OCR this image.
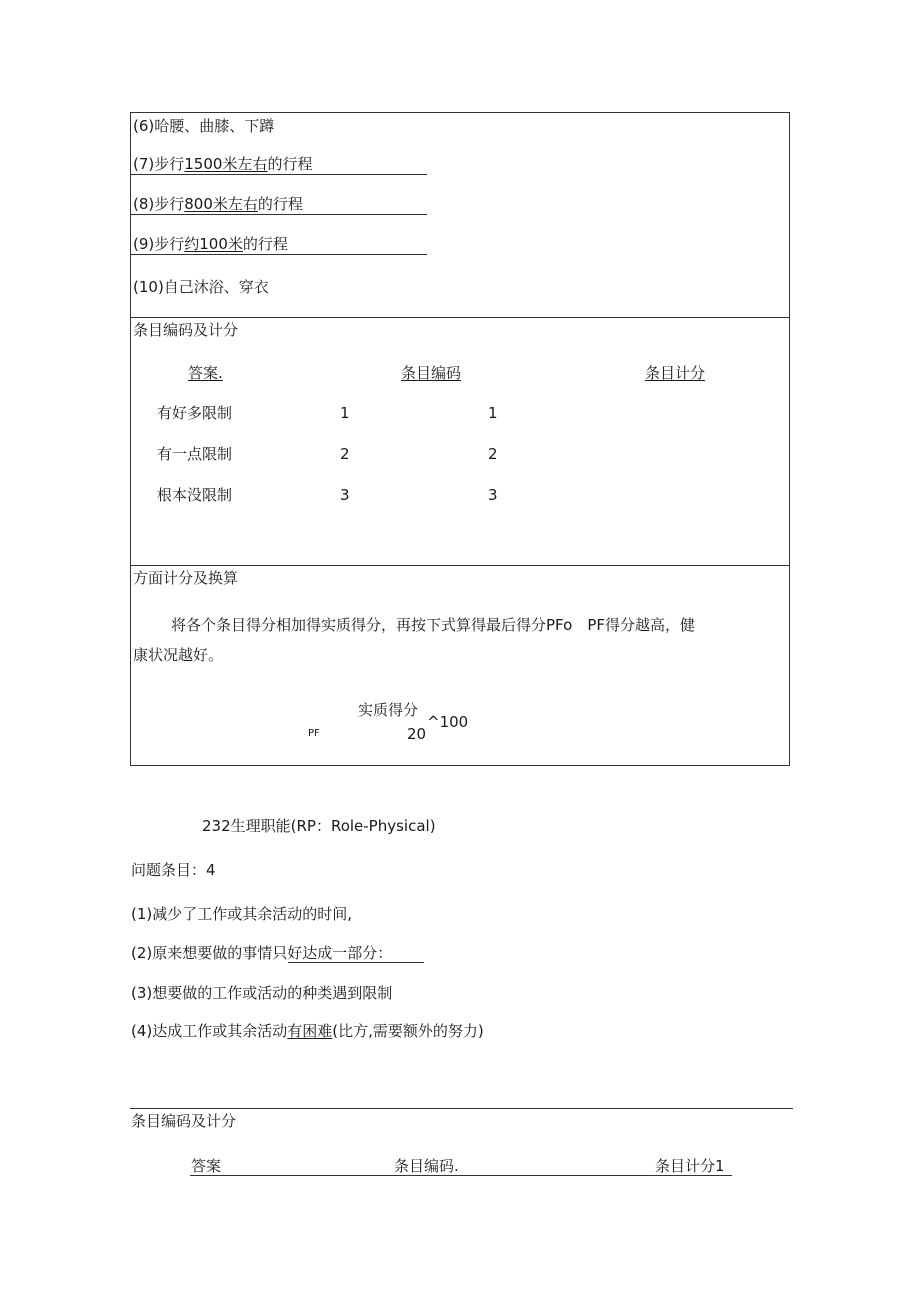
(6)哈腰、曲膝、下蹲
(7)步行1500米左右的行程
(8)步行800米左右的行程
(9)步行约100米的行程
(10)自己沐浴、穿衣
条目编码及计分
答案.	条目编码	条目计分
有好多限制	1	1
有一点限制	2	2
根本没限制	3	3
方面计分及换算
将各个条目得分相加得实质得分，再按下式算得最后得分PFo　PF得分越高，健
康状况越好。
PF
实质得分
20
^100
232生理职能(RP：Role-Physical)
问题条目：4
(1)减少了工作或其余活动的时间,
(2)原来想要做的事情只好达成一部分：
(3)想要做的工作或活动的种类遇到限制
(4)达成工作或其余活动有困难(比方,需要额外的努力)
条目编码及计分
答案	条目编码.	条目计分1
